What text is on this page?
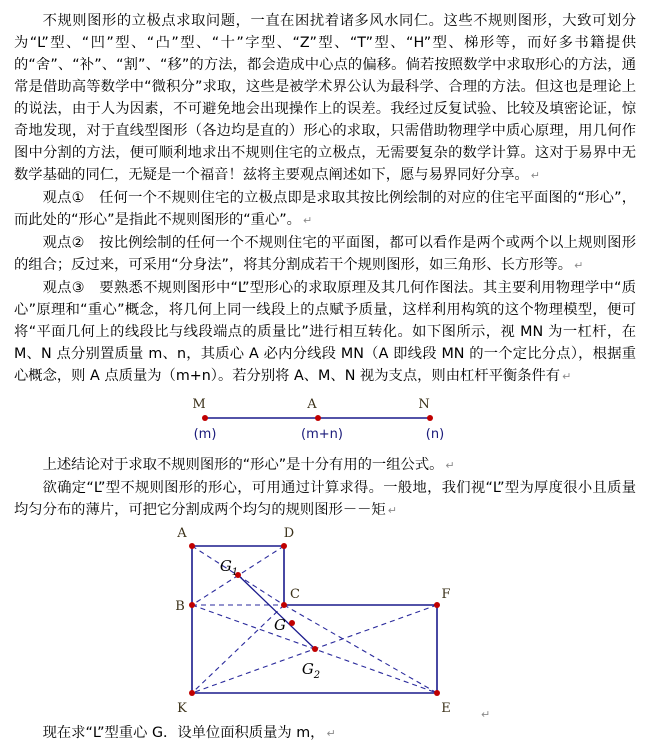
不规则图形的立极点求取问题，一直在困扰着诸多风水同仁。这些不规则图形，大致可划分为“L”型、“凹”型、“凸”型、“十”字型、“Z”型、“T”型、“H”型、梯形等，而好多书籍提供的“舍”、“补”、“割”、“移”的方法，都会造成中心点的偏移。倘若按照数学中求取形心的方法，通常是借助高等数学中“微积分”求取，这些是被学术界公认为最科学、合理的方法。但这也是理论上的说法，由于人为因素，不可避免地会出现操作上的误差。我经过反复试验、比较及填密论证，惊奇地发现，对于直线型图形（各边均是直的）形心的求取，只需借助物理学中质心原理，用几何作图中分割的方法，便可顺利地求出不规则住宅的立极点，无需要复杂的数学计算。这对于易界中无数学基础的同仁，无疑是一个福音！兹将主要观点阐述如下，愿与易界同好分享。 ↵

观点①　任何一个不规则住宅的立极点即是求取其按比例绘制的对应的住宅平面图的“形心”，而此处的“形心”是指此不规则图形的“重心”。 ↵

观点②　按比例绘制的任何一个不规则住宅的平面图，都可以看作是两个或两个以上规则图形的组合；反过来，可采用“分身法”，将其分割成若干个规则图形，如三角形、长方形等。 ↵

观点③　要熟悉不规则图形中“L”型形心的求取原理及其几何作图法。其主要利用物理学中“质心”原理和“重心”概念，将几何上同一线段上的点赋予质量，这样利用构筑的这个物理模型，便可将“平面几何上的线段比与线段端点的质量比”进行相互转化。如下图所示，视 MN 为一杠杆，在 M、N 点分别置质量 m、n，其质心 A 必内分线段 MN（A 即线段 MN 的一个定比分点），根据重心概念，则 A 点质量为（m+n）。若分别将 A、M、N 视为支点，则由杠杆平衡条件有 ↵

M	A	N
(m)	(m+n)	(n)

上述结论对于求取不规则图形的“形心”是十分有用的一组公式。 ↵

欲确定“L”型不规则图形的形心，可用通过计算求得。一般地，我们视“L”型为厚度很小且质量均匀分布的薄片，可把它分割成两个均匀的规则图形－－矩 ↵

A	D
B
C	F
K	E
$G_1$
G
$G_2$
↵

现在求“L”型重心 G．设单位面积质量为 m， ↵
